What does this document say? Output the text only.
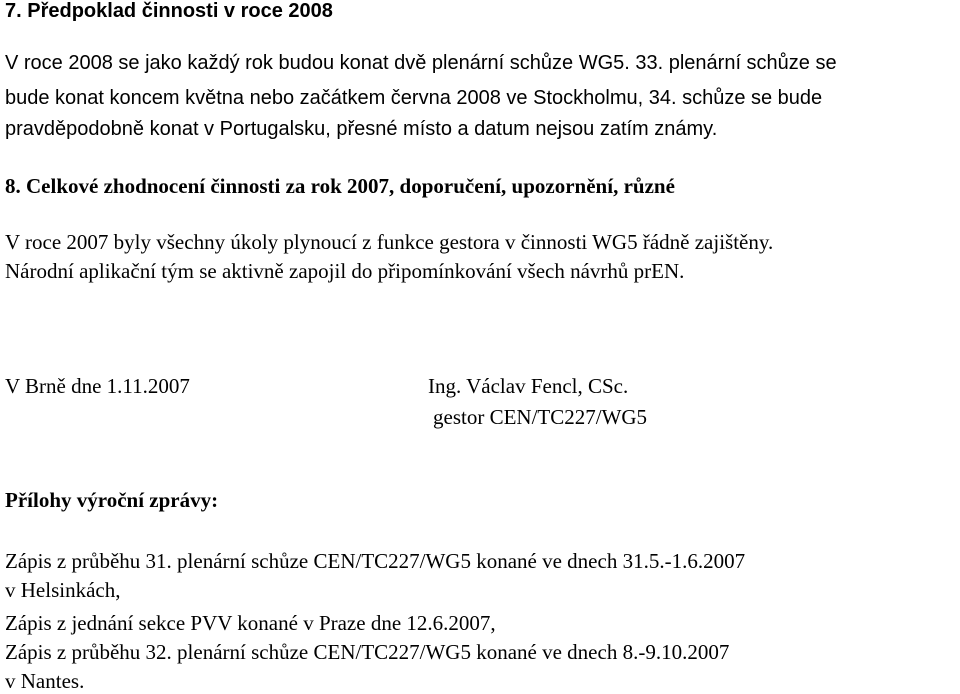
7. Předpoklad činnosti v roce 2008
V roce 2008 se jako každý rok budou konat dvě plenární schůze WG5. 33. plenární schůze se
bude konat koncem května nebo začátkem června 2008 ve Stockholmu, 34. schůze se bude
pravděpodobně konat v Portugalsku, přesné místo a datum nejsou zatím známy.
8. Celkové zhodnocení činnosti za rok 2007, doporučení, upozornění, různé
V roce 2007 byly všechny úkoly plynoucí z funkce gestora v činnosti WG5 řádně zajištěny.
Národní aplikační tým se aktivně zapojil do připomínkování všech návrhů prEN.
V Brně dne 1.11.2007	Ing. Václav Fencl, CSc.
gestor CEN/TC227/WG5
Přílohy výroční zprávy:
Zápis z průběhu 31. plenární schůze CEN/TC227/WG5 konané ve dnech 31.5.-1.6.2007
v Helsinkách,
Zápis z jednání sekce PVV konané v Praze dne 12.6.2007,
Zápis z průběhu 32. plenární schůze CEN/TC227/WG5 konané ve dnech 8.-9.10.2007
v Nantes.
